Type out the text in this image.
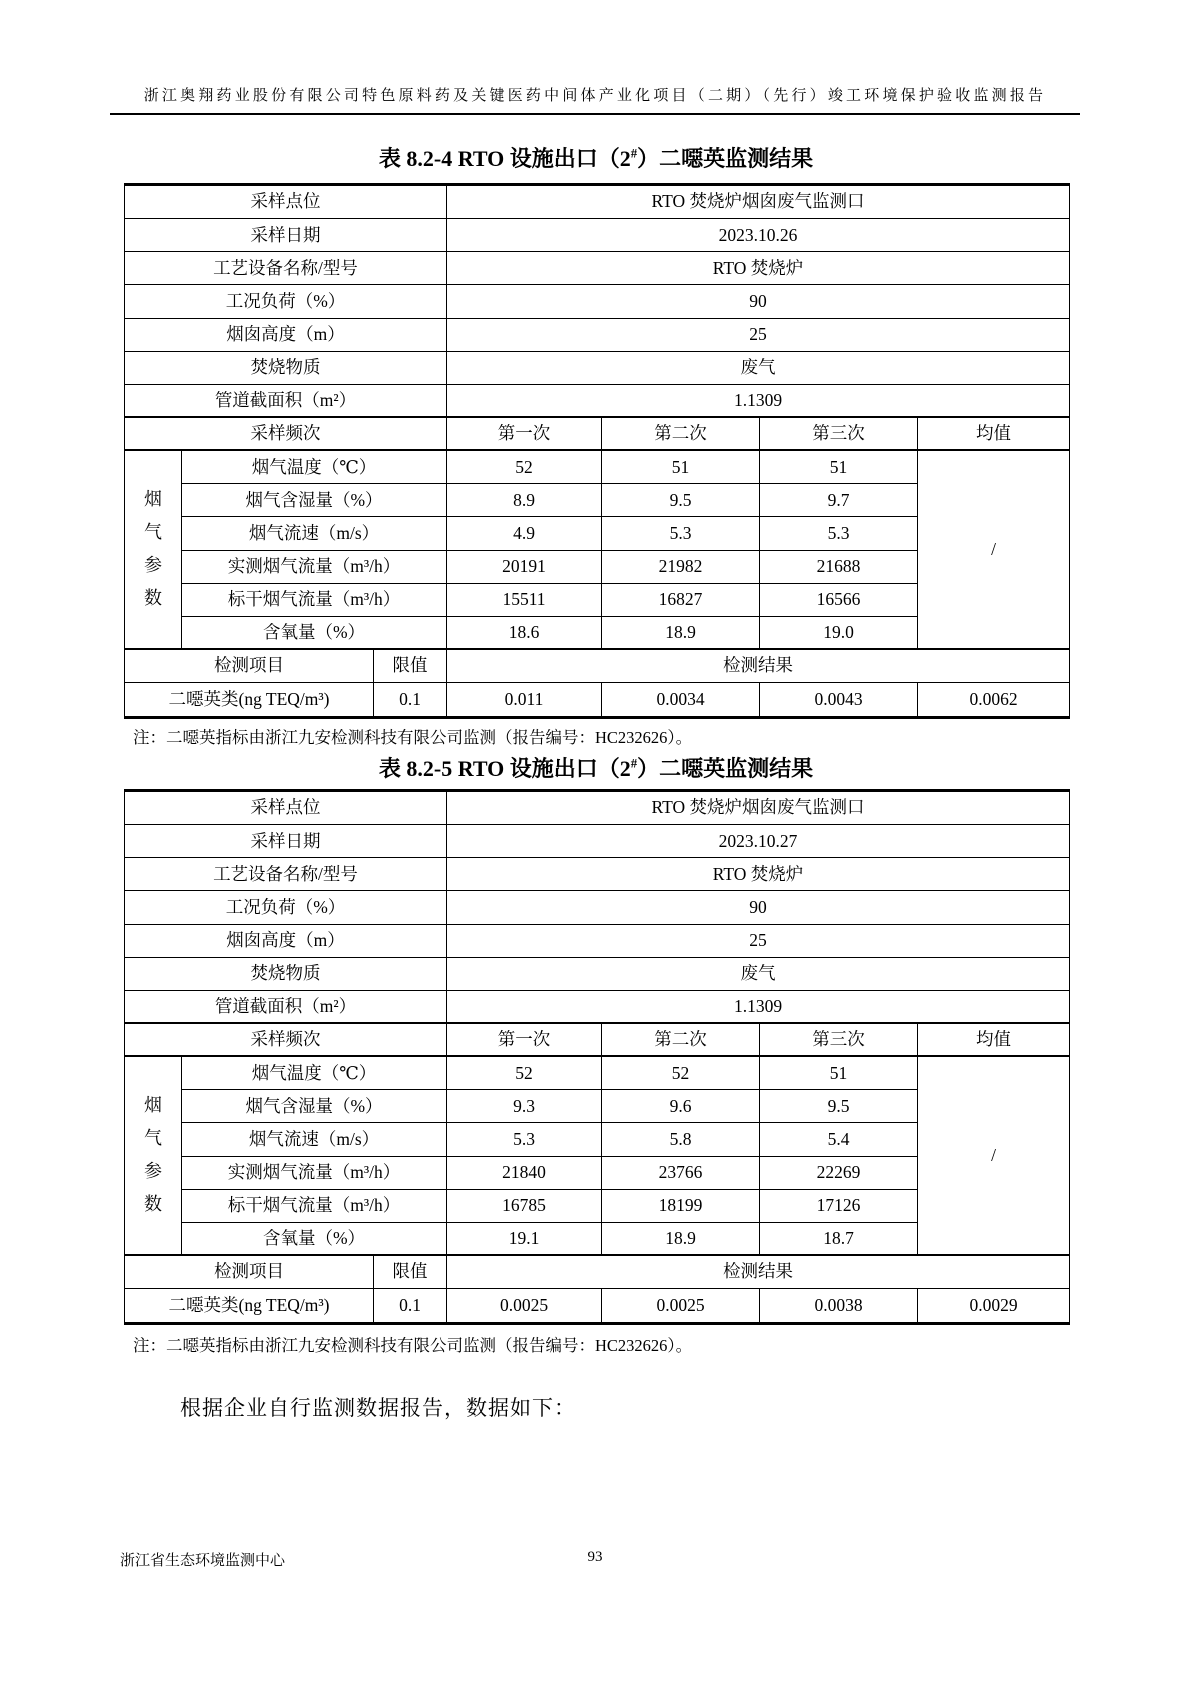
浙江奥翔药业股份有限公司特色原料药及关键医药中间体产业化项目（二期）（先行）竣工环境保护验收监测报告
表 8.2-4 RTO 设施出口（2#）二噁英监测结果
采样点位	RTO 焚烧炉烟囱废气监测口
采样日期	2023.10.26
工艺设备名称/型号	RTO 焚烧炉
工况负荷（%）	90
烟囱高度（m）	25
焚烧物质	废气
管道截面积（m²）	1.1309
采样频次	第一次	第二次	第三次	均值
烟
气
参
数
/
烟气温度（℃）	52	51	51
烟气含湿量（%）	8.9	9.5	9.7
烟气流速（m/s）	4.9	5.3	5.3
实测烟气流量（m³/h）	20191	21982	21688
标干烟气流量（m³/h）	15511	16827	16566
含氧量（%）	18.6	18.9	19.0
检测项目	限值	检测结果
二噁英类(ng TEQ/m³)	0.1	0.011	0.0034	0.0043	0.0062
注：二噁英指标由浙江九安检测科技有限公司监测（报告编号：HC232626）。
表 8.2-5 RTO 设施出口（2#）二噁英监测结果
采样点位	RTO 焚烧炉烟囱废气监测口
采样日期	2023.10.27
工艺设备名称/型号	RTO 焚烧炉
工况负荷（%）	90
烟囱高度（m）	25
焚烧物质	废气
管道截面积（m²）	1.1309
采样频次	第一次	第二次	第三次	均值
烟
气
参
数
/
烟气温度（℃）	52	52	51
烟气含湿量（%）	9.3	9.6	9.5
烟气流速（m/s）	5.3	5.8	5.4
实测烟气流量（m³/h）	21840	23766	22269
标干烟气流量（m³/h）	16785	18199	17126
含氧量（%）	19.1	18.9	18.7
检测项目	限值	检测结果
二噁英类(ng TEQ/m³)	0.1	0.0025	0.0025	0.0038	0.0029
注：二噁英指标由浙江九安检测科技有限公司监测（报告编号：HC232626）。
根据企业自行监测数据报告，数据如下：
93
浙江省生态环境监测中心
